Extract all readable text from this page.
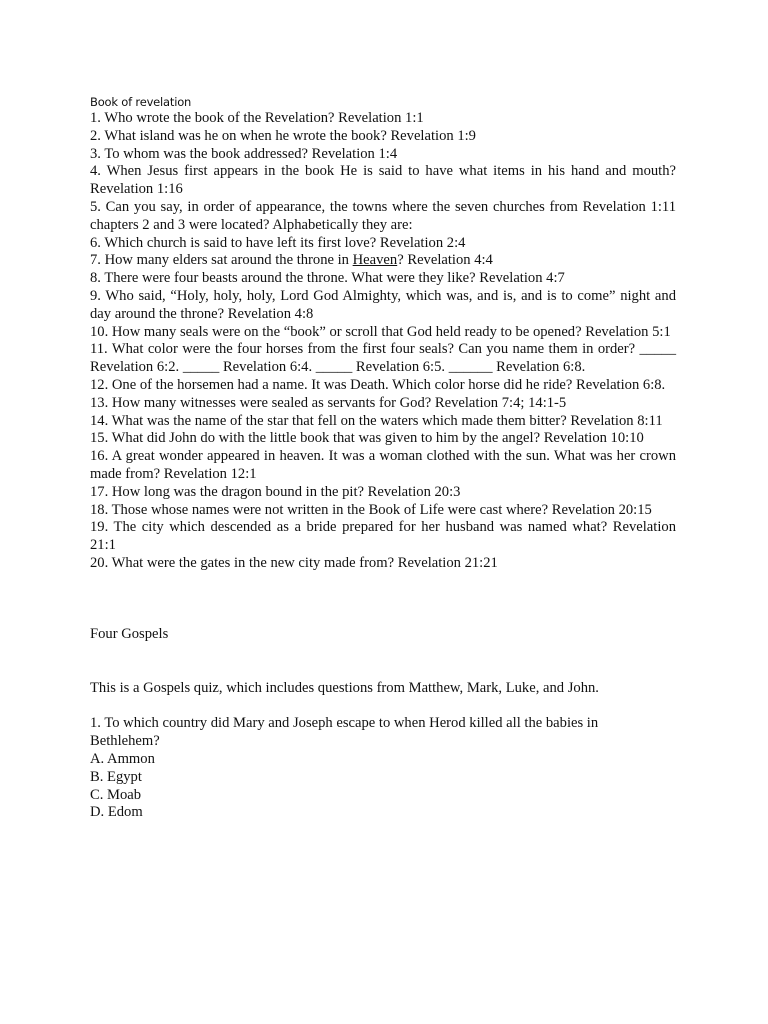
Book of revelation

1. Who wrote the book of the Revelation? Revelation 1:1

2. What island was he on when he wrote the book? Revelation 1:9

3. To whom was the book addressed? Revelation 1:4

4. When Jesus first appears in the book He is said to have what items in his hand and mouth? Revelation 1:16

5. Can you say, in order of appearance, the towns where the seven churches from Revelation 1:11 chapters 2 and 3 were located? Alphabetically they are:

6. Which church is said to have left its first love? Revelation 2:4

7. How many elders sat around the throne in Heaven? Revelation 4:4

8. There were four beasts around the throne. What were they like? Revelation 4:7

9. Who said, “Holy, holy, holy, Lord God Almighty, which was, and is, and is to come” night and day around the throne? Revelation 4:8

10. How many seals were on the “book” or scroll that God held ready to be opened? Revelation 5:1

11. What color were the four horses from the first four seals? Can you name them in order? _____ Revelation 6:2. _____ Revelation 6:4. _____ Revelation 6:5. ______ Revelation 6:8.

12. One of the horsemen had a name. It was Death. Which color horse did he ride? Revelation 6:8.

13. How many witnesses were sealed as servants for God? Revelation 7:4; 14:1-5

14. What was the name of the star that fell on the waters which made them bitter? Revelation 8:11

15. What did John do with the little book that was given to him by the angel? Revelation 10:10

16. A great wonder appeared in heaven. It was a woman clothed with the sun. What was her crown made from? Revelation 12:1

17. How long was the dragon bound in the pit? Revelation 20:3

18. Those whose names were not written in the Book of Life were cast where? Revelation 20:15

19. The city which descended as a bride prepared for her husband was named what? Revelation 21:1

20. What were the gates in the new city made from? Revelation 21:21

Four Gospels

This is a Gospels quiz, which includes questions from Matthew, Mark, Luke, and John.

1. To which country did Mary and Joseph escape to when Herod killed all the babies in Bethlehem?

A. Ammon

B. Egypt

C. Moab

D. Edom
